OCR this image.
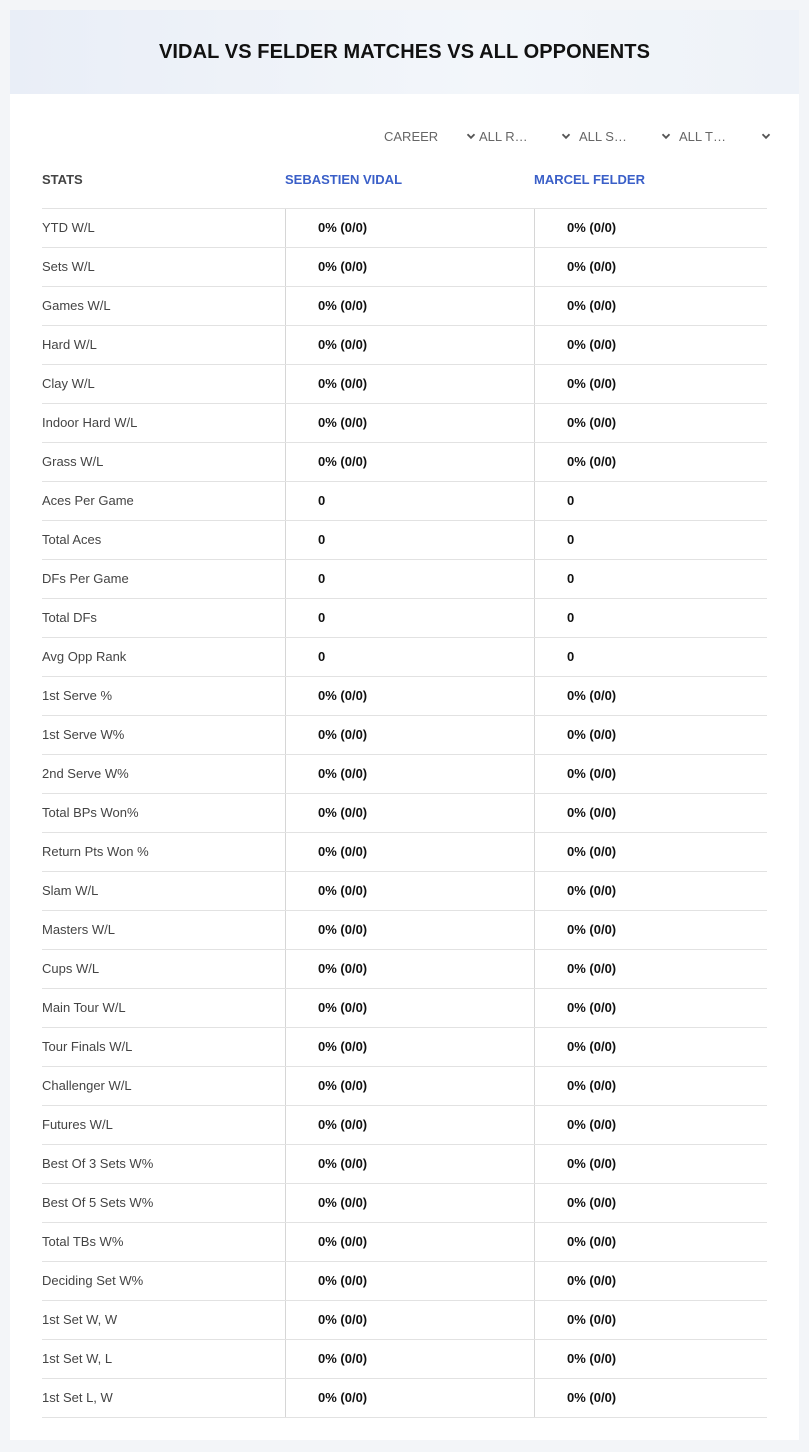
VIDAL VS FELDER MATCHES VS ALL OPPONENTS
CAREER	ALL R…	ALL S…	ALL T…
STATS	SEBASTIEN VIDAL	MARCEL FELDER
YTD W/L	0% (0/0)	0% (0/0)
Sets W/L	0% (0/0)	0% (0/0)
Games W/L	0% (0/0)	0% (0/0)
Hard W/L	0% (0/0)	0% (0/0)
Clay W/L	0% (0/0)	0% (0/0)
Indoor Hard W/L	0% (0/0)	0% (0/0)
Grass W/L	0% (0/0)	0% (0/0)
Aces Per Game	0	0
Total Aces	0	0
DFs Per Game	0	0
Total DFs	0	0
Avg Opp Rank	0	0
1st Serve %	0% (0/0)	0% (0/0)
1st Serve W%	0% (0/0)	0% (0/0)
2nd Serve W%	0% (0/0)	0% (0/0)
Total BPs Won%	0% (0/0)	0% (0/0)
Return Pts Won %	0% (0/0)	0% (0/0)
Slam W/L	0% (0/0)	0% (0/0)
Masters W/L	0% (0/0)	0% (0/0)
Cups W/L	0% (0/0)	0% (0/0)
Main Tour W/L	0% (0/0)	0% (0/0)
Tour Finals W/L	0% (0/0)	0% (0/0)
Challenger W/L	0% (0/0)	0% (0/0)
Futures W/L	0% (0/0)	0% (0/0)
Best Of 3 Sets W%	0% (0/0)	0% (0/0)
Best Of 5 Sets W%	0% (0/0)	0% (0/0)
Total TBs W%	0% (0/0)	0% (0/0)
Deciding Set W%	0% (0/0)	0% (0/0)
1st Set W, W	0% (0/0)	0% (0/0)
1st Set W, L	0% (0/0)	0% (0/0)
1st Set L, W	0% (0/0)	0% (0/0)
